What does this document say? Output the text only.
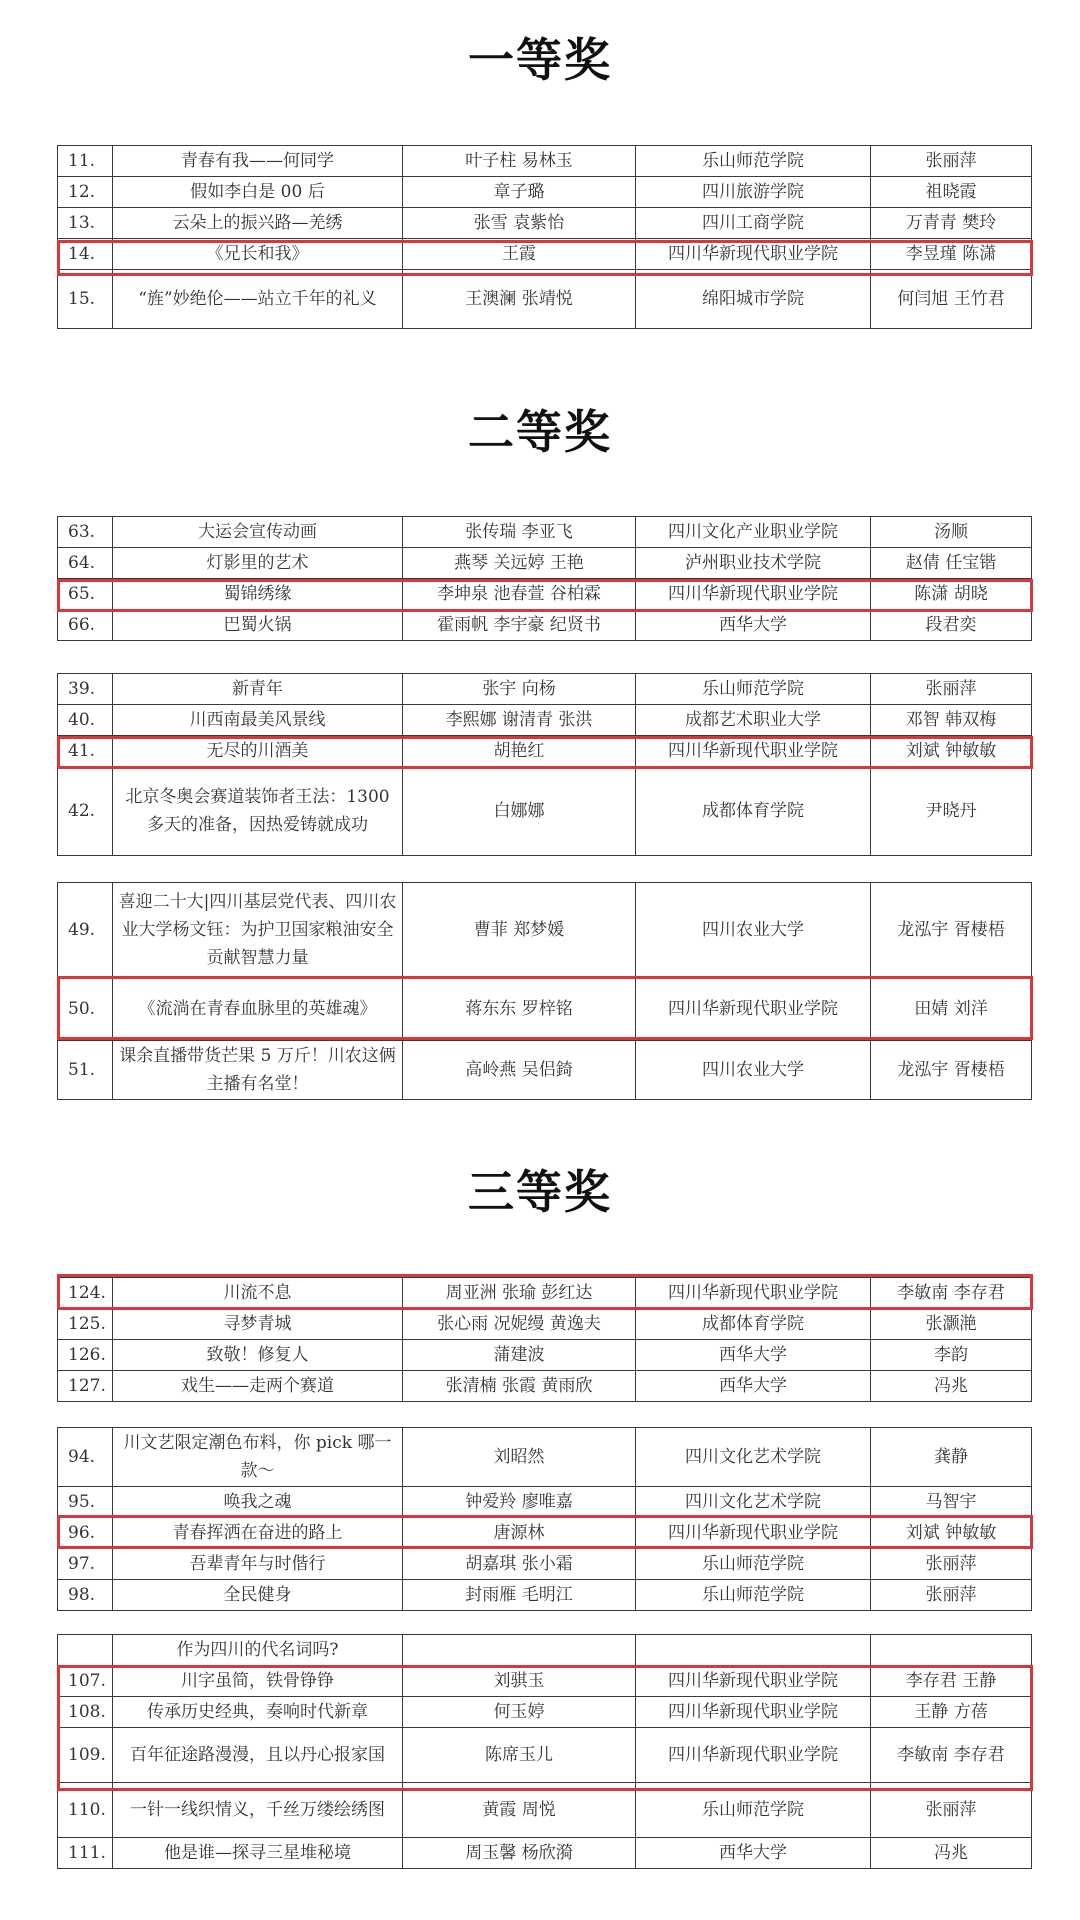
一等奖
二等奖
三等奖
11.	青春有我——何同学	叶子柱 易林玉	乐山师范学院	张丽萍
12.	假如李白是 00 后	章子璐	四川旅游学院	祖晓霞
13.	云朵上的振兴路—羌绣	张雪 袁紫怡	四川工商学院	万青青 樊玲
14.	《兄长和我》	王霞	四川华新现代职业学院	李昱瑾 陈潇
15.	“旌”妙绝伦——站立千年的礼义	王澳澜 张靖悦	绵阳城市学院	何闫旭 王竹君
63.	大运会宣传动画	张传瑞 李亚飞	四川文化产业职业学院	汤顺
64.	灯影里的艺术	燕琴 关远婷 王艳	泸州职业技术学院	赵倩 任宝锴
65.	蜀锦绣缘	李坤泉 池春萱 谷柏霖	四川华新现代职业学院	陈潇 胡晓
66.	巴蜀火锅	霍雨帆 李宇豪 纪贤书	西华大学	段君奕
39.	新青年	张宇 向杨	乐山师范学院	张丽萍
40.	川西南最美风景线	李熙娜 谢清青 张洪	成都艺术职业大学	邓智 韩双梅
41.	无尽的川酒美	胡艳红	四川华新现代职业学院	刘斌 钟敏敏
42.	北京冬奥会赛道装饰者王法：1300 多天的准备，因热爱铸就成功	白娜娜	成都体育学院	尹晓丹
49.	喜迎二十大|四川基层党代表、四川农业大学杨文钰：为护卫国家粮油安全贡献智慧力量	曹菲 郑梦媛	四川农业大学	龙泓宇 胥棲梧
50.	《流淌在青春血脉里的英雄魂》	蒋东东 罗梓铭	四川华新现代职业学院	田婧 刘洋
51.	课余直播带货芒果 5 万斤！川农这俩主播有名堂！	高岭燕 吴侣錡	四川农业大学	龙泓宇 胥棲梧
124.	川流不息	周亚洲 张瑜 彭红达	四川华新现代职业学院	李敏南 李存君
125.	寻梦青城	张心雨 况妮缦 黄逸夫	成都体育学院	张灏滟
126.	致敬！修复人	蒲建波	西华大学	李韵
127.	戏生——走两个赛道	张清楠 张霞 黄雨欣	西华大学	冯兆
94.	川文艺限定潮色布料，你 pick 哪一款～	刘昭然	四川文化艺术学院	龚静
95.	唤我之魂	钟爱羚 廖唯嘉	四川文化艺术学院	马智宇
96.	青春挥洒在奋进的路上	唐源林	四川华新现代职业学院	刘斌 钟敏敏
97.	吾辈青年与时偕行	胡嘉琪 张小霜	乐山师范学院	张丽萍
98.	全民健身	封雨雁 毛明江	乐山师范学院	张丽萍
	作为四川的代名词吗?			
107.	川字虽简，铁骨铮铮	刘骐玉	四川华新现代职业学院	李存君 王静
108.	传承历史经典，奏响时代新章	何玉婷	四川华新现代职业学院	王静 方蓓
109.	百年征途路漫漫，且以丹心报家国	陈席玉儿	四川华新现代职业学院	李敏南 李存君
110.	一针一线织情义，千丝万缕绘绣图	黄霞 周悦	乐山师范学院	张丽萍
111.	他是谁—探寻三星堆秘境	周玉馨 杨欣漪	西华大学	冯兆
